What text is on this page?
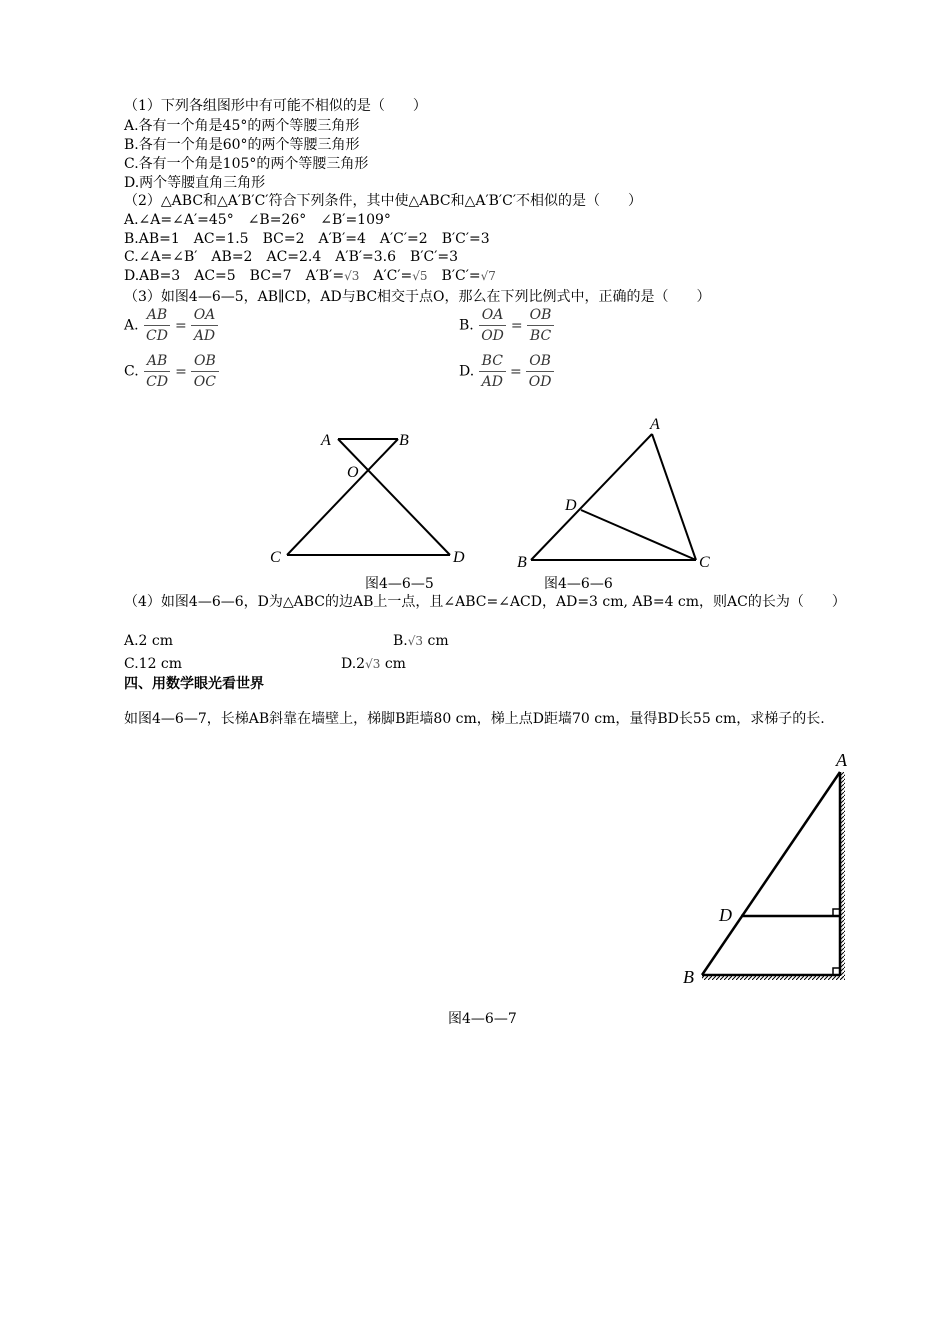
（1）下列各组图形中有可能不相似的是（　　）
A.各有一个角是45°的两个等腰三角形
B.各有一个角是60°的两个等腰三角形
C.各有一个角是105°的两个等腰三角形
D.两个等腰直角三角形
（2）△ABC和△A′B′C′符合下列条件，其中使△ABC和△A′B′C′不相似的是（　　）
A.∠A=∠A′=45°　∠B=26°　∠B′=109°
B.AB=1　AC=1.5　BC=2　A′B′=4　A′C′=2　B′C′=3
C.∠A=∠B′　AB=2　AC=2.4　A′B′=3.6　B′C′=3
D.AB=3　AC=5　BC=7　A′B′=√3　A′C′=√5　B′C′=√7
（3）如图4—6—5，AB∥CD，AD与BC相交于点O，那么在下列比例式中，正确的是（　　）
A. $\frac{AB}{CD} = \frac{OA}{AD}$	B. $\frac{OA}{OD} = \frac{OB}{BC}$
C. $\frac{AB}{CD} = \frac{OB}{OC}$	D. $\frac{BC}{AD} = \frac{OB}{OD}$
A	B
O
C	D
图4—6—5
A
D
B	C
图4—6—6
（4）如图4—6—6，D为△ABC的边AB上一点，且∠ABC=∠ACD，AD=3 cm, AB=4 cm，则AC的长为（　　）
A.2 cm	B.√3 cm
C.12 cm	D.2√3 cm
四、用数学眼光看世界
如图4—6—7，长梯AB斜靠在墙壁上，梯脚B距墙80 cm，梯上点D距墙70 cm，量得BD长55 cm，求梯子的长.
A
D
B
图4—6—7
